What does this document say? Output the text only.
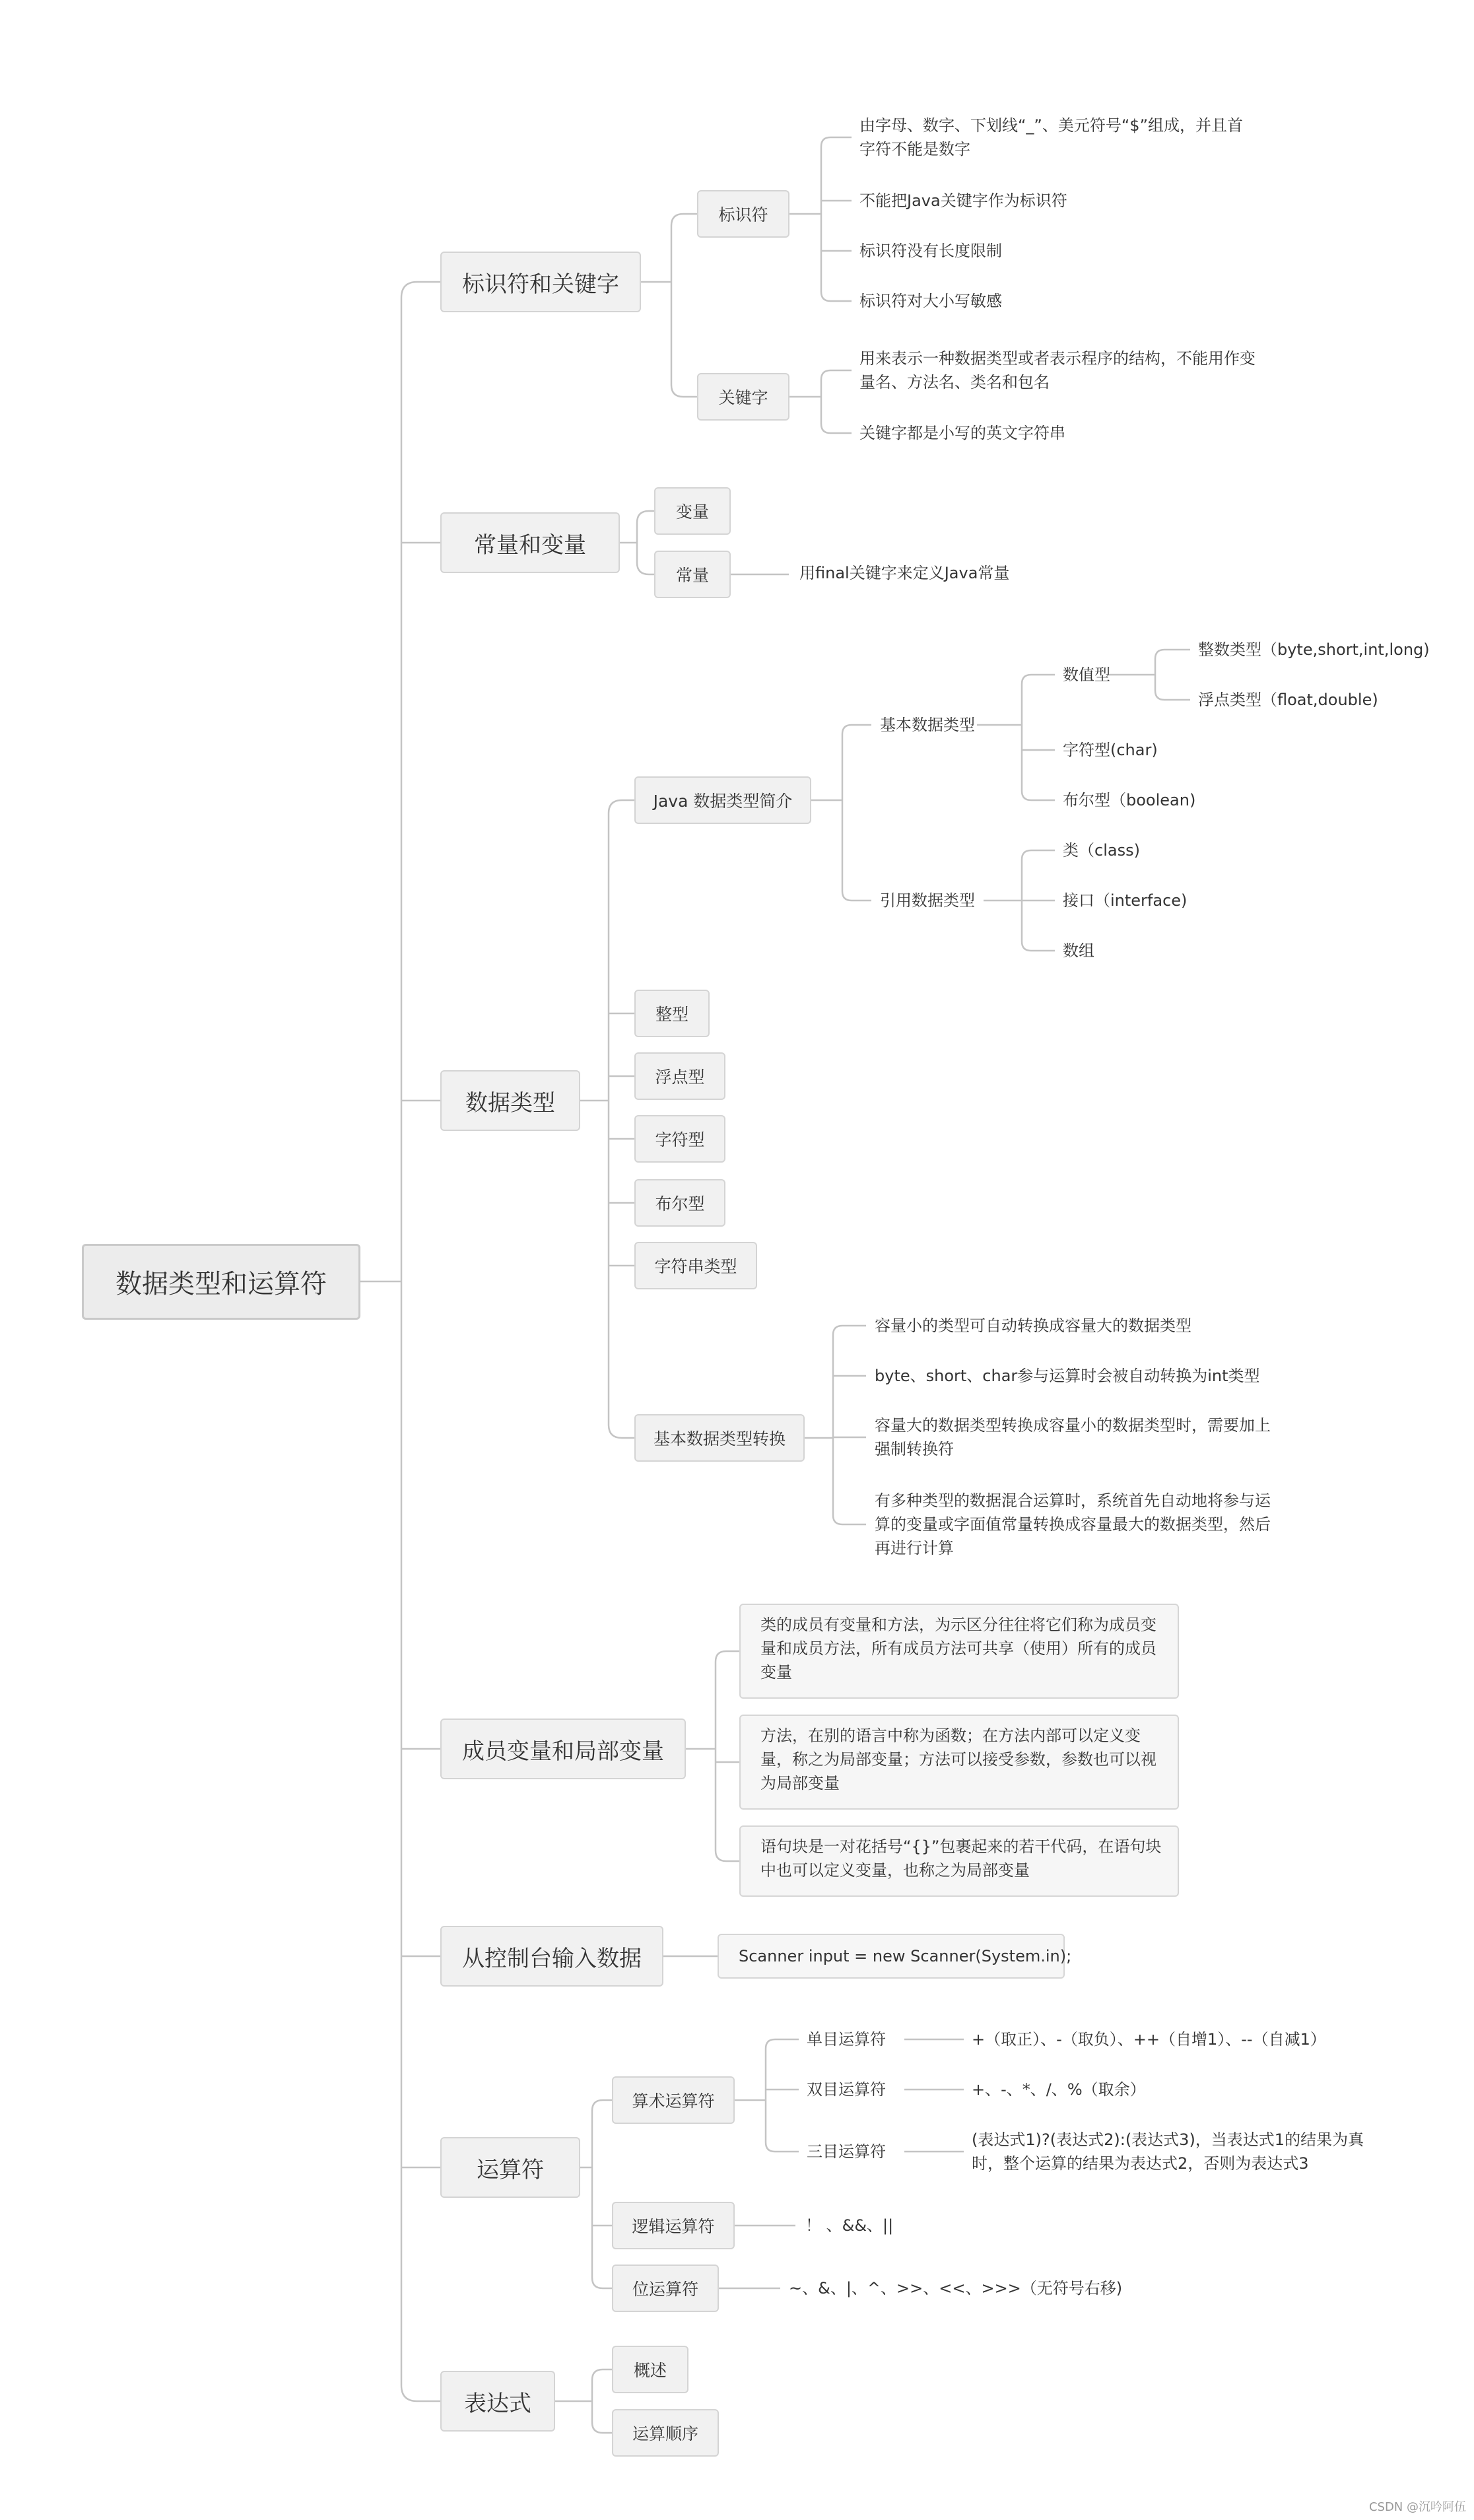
数据类型和运算符
标识符和关键字
标识符
由字母、数字、下划线“_”、美元符号“$”组成，并且首
字符不能是数字
不能把Java关键字作为标识符
标识符没有长度限制
标识符对大小写敏感
关键字
用来表示一种数据类型或者表示程序的结构，不能用作变
量名、方法名、类名和包名
关键字都是小写的英文字符串
常量和变量
变量
常量	用final关键字来定义Java常量
数据类型
Java 数据类型简介
基本数据类型
数值型
整数类型（byte,short,int,long)
浮点类型（float,double)
字符型(char)
布尔型（boolean)
引用数据类型
类（class)
接口（interface)
数组
整型
浮点型
字符型
布尔型
字符串类型
基本数据类型转换
容量小的类型可自动转换成容量大的数据类型
byte、short、char参与运算时会被自动转换为int类型
容量大的数据类型转换成容量小的数据类型时，需要加上
强制转换符
有多种类型的数据混合运算时，系统首先自动地将参与运
算的变量或字面值常量转换成容量最大的数据类型，然后
再进行计算
成员变量和局部变量
类的成员有变量和方法，为示区分往往将它们称为成员变
量和成员方法，所有成员方法可共享（使用）所有的成员
变量
方法，在别的语言中称为函数；在方法内部可以定义变
量，称之为局部变量；方法可以接受参数，参数也可以视
为局部变量
语句块是一对花括号“{}”包裹起来的若干代码，在语句块
中也可以定义变量，也称之为局部变量
从控制台输入数据	Scanner input = new Scanner(System.in);
运算符
算术运算符
单目运算符	+（取正）、-（取负）、++（自增1）、--（自减1）
双目运算符	+、-、*、/、%（取余）
三目运算符
(表达式1)?(表达式2):(表达式3)，当表达式1的结果为真
时，整个运算的结果为表达式2，否则为表达式3
逻辑运算符	！ 、&&、||
位运算符	~、&、|、^、>>、<<、>>>（无符号右移)
表达式
概述
运算顺序
CSDN @沉吟阿伍
